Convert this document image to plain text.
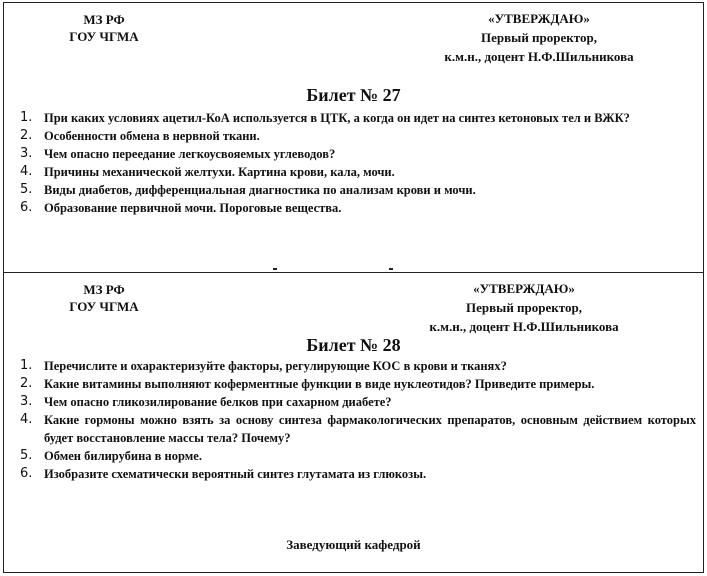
МЗ РФ
ГОУ ЧГМА
«УТВЕРЖДАЮ»
Первый проректор,
к.м.н., доцент Н.Ф.Шильникова
Билет № 27
1. При каких условиях ацетил-КоА используется в ЦТК, а когда он идет на синтез кетоновых тел и ВЖК?
2. Особенности обмена в нервной ткани.
3. Чем опасно переедание легкоусвояемых углеводов?
4. Причины механической желтухи. Картина крови, кала, мочи.
5. Виды диабетов, дифференциальная диагностика по анализам крови и мочи.
6. Образование первичной мочи. Пороговые вещества.
МЗ РФ
ГОУ ЧГМА
«УТВЕРЖДАЮ»
Первый проректор,
к.м.н., доцент Н.Ф.Шильникова
Билет № 28
1. Перечислите и охарактеризуйте факторы, регулирующие КОС в крови и тканях?
2. Какие витамины выполняют коферментные функции в виде нуклеотидов? Приведите примеры.
3. Чем опасно гликозилирование белков при сахарном диабете?
4. Какие гормоны можно взять за основу синтеза фармакологических препаратов, основным действием которых будет восстановление массы тела? Почему?
5. Обмен билирубина в норме.
6. Изобразите схематически вероятный синтез глутамата из глюкозы.
Заведующий кафедрой
